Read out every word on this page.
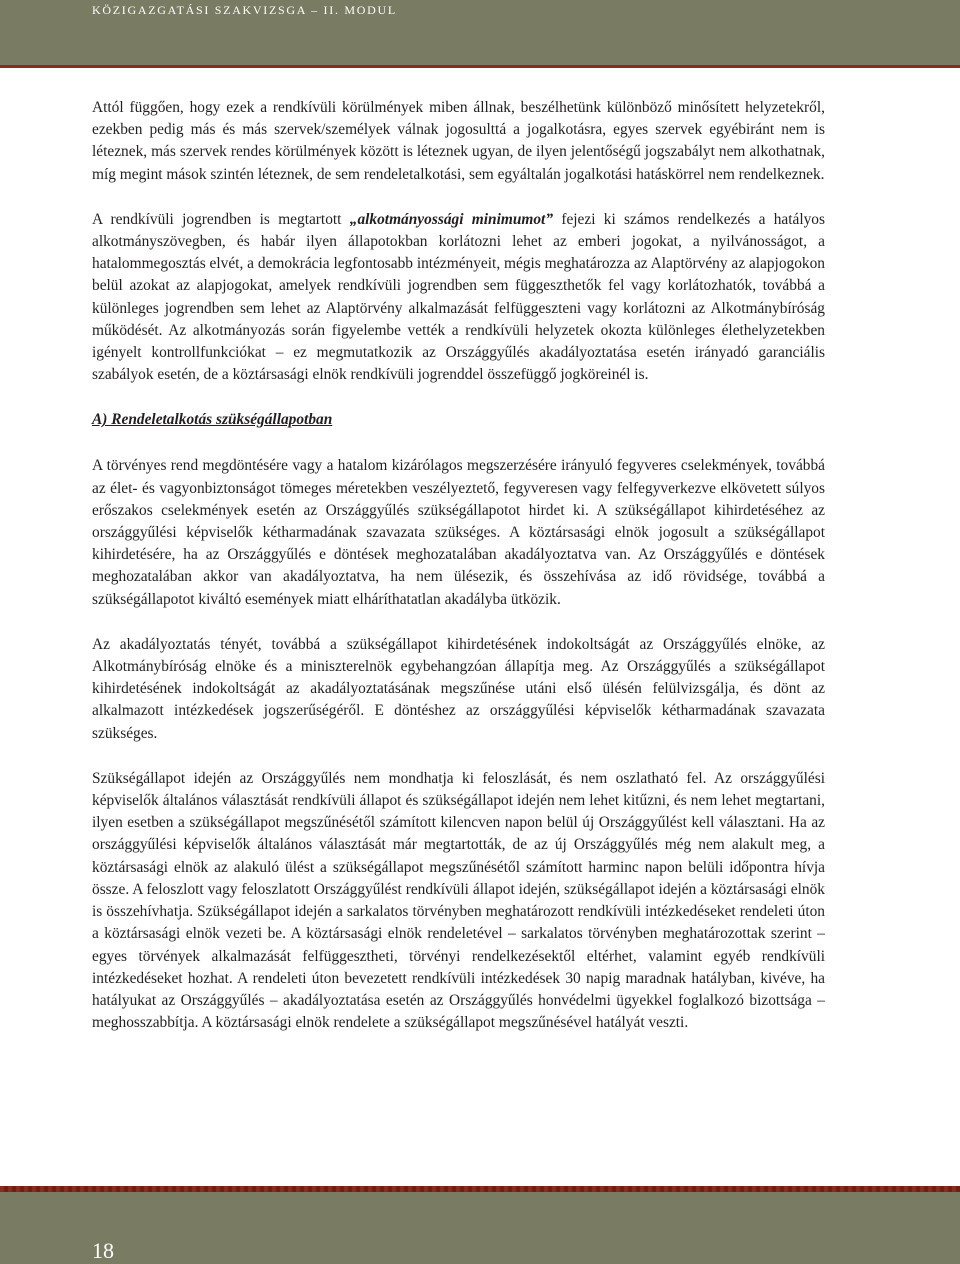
KÖZIGAZGATÁSI SZAKVIZSGA – II. MODUL

Attól függően, hogy ezek a rendkívüli körülmények miben állnak, beszélhetünk különböző minősített helyzetekről, ezekben pedig más és más szervek/személyek válnak jogosulttá a jogalkotásra, egyes szervek egyébiránt nem is léteznek, más szervek rendes körülmények között is léteznek ugyan, de ilyen jelentőségű jogszabályt nem alkothatnak, míg megint mások szintén léteznek, de sem rendeletalkotási, sem egyáltalán jogalkotási hatáskörrel nem rendelkeznek.

A rendkívüli jogrendben is megtartott „alkotmányossági minimumot” fejezi ki számos rendelkezés a hatályos alkotmányszövegben, és habár ilyen állapotokban korlátozni lehet az emberi jogokat, a nyilvánosságot, a hatalommegosztás elvét, a demokrácia legfontosabb intézményeit, mégis meghatározza az Alaptörvény az alapjogokon belül azokat az alapjogokat, amelyek rendkívüli jogrendben sem függeszthetők fel vagy korlátozhatók, továbbá a különleges jogrendben sem lehet az Alaptörvény alkalmazását felfüggeszteni vagy korlátozni az Alkotmánybíróság működését. Az alkotmányozás során figyelembe vették a rendkívüli helyzetek okozta különleges élethelyzetekben igényelt kontrollfunkciókat – ez megmutatkozik az Országgyűlés akadályoztatása esetén irányadó garanciális szabályok esetén, de a köztársasági elnök rendkívüli jogrenddel összefüggő jogköreinél is.

A) Rendeletalkotás szükségállapotban

A törvényes rend megdöntésére vagy a hatalom kizárólagos megszerzésére irányuló fegyveres cselekmények, továbbá az élet- és vagyonbiztonságot tömeges méretekben veszélyeztető, fegyveresen vagy felfegyverkezve elkövetett súlyos erőszakos cselekmények esetén az Országgyűlés szükségállapotot hirdet ki. A szükségállapot kihirdetéséhez az országgyűlési képviselők kétharmadának szavazata szükséges. A köztársasági elnök jogosult a szükségállapot kihirdetésére, ha az Országgyűlés e döntések meghozatalában akadályoztatva van. Az Országgyűlés e döntések meghozatalában akkor van akadályoztatva, ha nem ülésezik, és összehívása az idő rövidsége, továbbá a szükségállapotot kiváltó események miatt elháríthatatlan akadályba ütközik.

Az akadályoztatás tényét, továbbá a szükségállapot kihirdetésének indokoltságát az Országgyűlés elnöke, az Alkotmánybíróság elnöke és a miniszterelnök egybehangzóan állapítja meg. Az Országgyűlés a szükségállapot kihirdetésének indokoltságát az akadályoztatásának megszűnése utáni első ülésén felülvizsgálja, és dönt az alkalmazott intézkedések jogszerűségéről. E döntéshez az országgyűlési képviselők kétharmadának szavazata szükséges.

Szükségállapot idején az Országgyűlés nem mondhatja ki feloszlását, és nem oszlatható fel. Az országgyűlési képviselők általános választását rendkívüli állapot és szükségállapot idején nem lehet kitűzni, és nem lehet megtartani, ilyen esetben a szükségállapot megszűnésétől számított kilencven napon belül új Országgyűlést kell választani. Ha az országgyűlési képviselők általános választását már megtartották, de az új Országgyűlés még nem alakult meg, a köztársasági elnök az alakuló ülést a szükségállapot megszűnésétől számított harminc napon belüli időpontra hívja össze. A feloszlott vagy feloszlatott Országgyűlést rendkívüli állapot idején, szükségállapot idején a köztársasági elnök is összehívhatja. Szükségállapot idején a sarkalatos törvényben meghatározott rendkívüli intézkedéseket rendeleti úton a köztársasági elnök vezeti be. A köztársasági elnök rendeletével – sarkalatos törvényben meghatározottak szerint – egyes törvények alkalmazását felfüggesztheti, törvényi rendelkezésektől eltérhet, valamint egyéb rendkívüli intézkedéseket hozhat. A rendeleti úton bevezetett rendkívüli intézkedések 30 napig maradnak hatályban, kivéve, ha hatályukat az Országgyűlés – akadályoztatása esetén az Országgyűlés honvédelmi ügyekkel foglalkozó bizottsága – meghosszabbítja. A köztársasági elnök rendelete a szükségállapot megszűnésével hatályát veszti.

18
